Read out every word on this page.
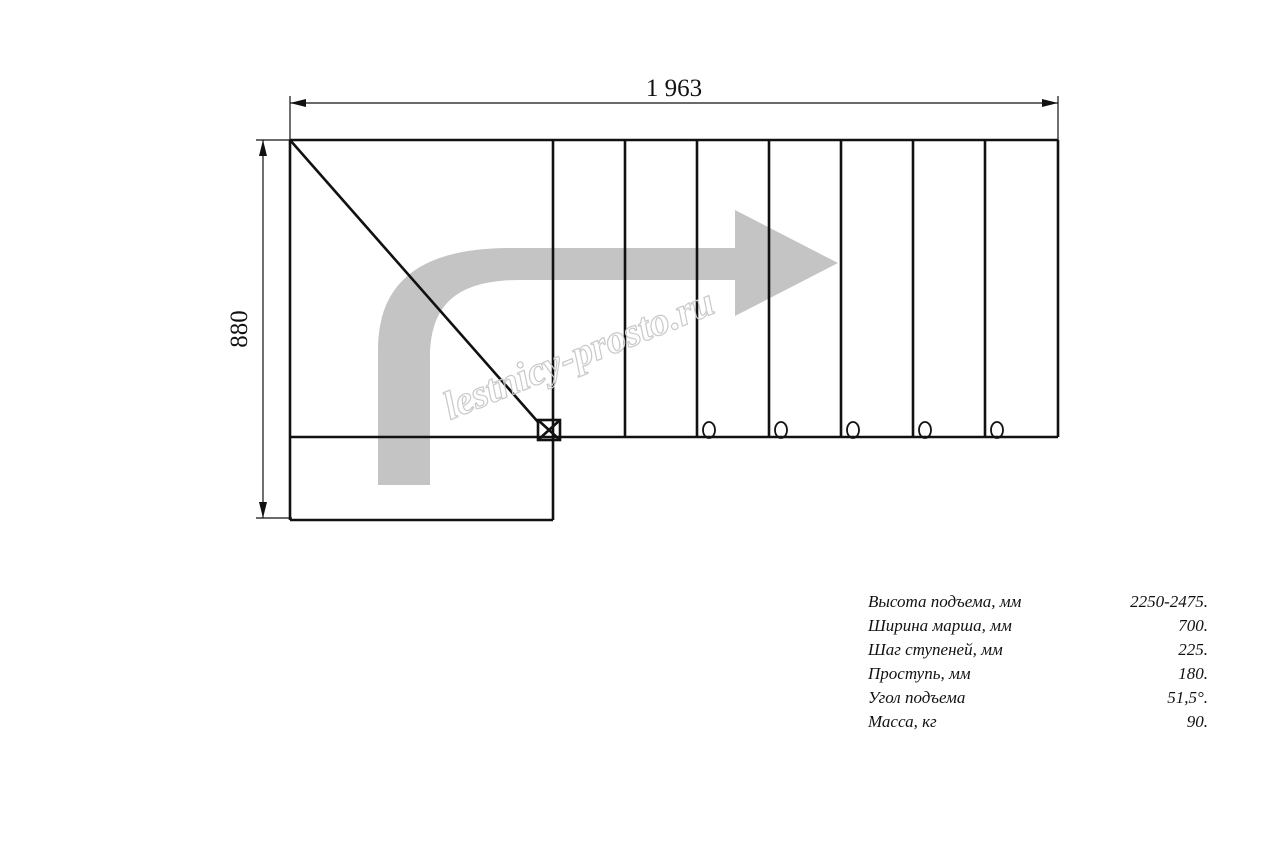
1 963
880	lestnicy-prosto.ru
Высота подъема, мм	2250-2475.
Ширина марша, мм	700.
Шаг ступеней, мм	225.
Проступь, мм	180.
Угол подъема	51,5°.
Масса, кг	90.
